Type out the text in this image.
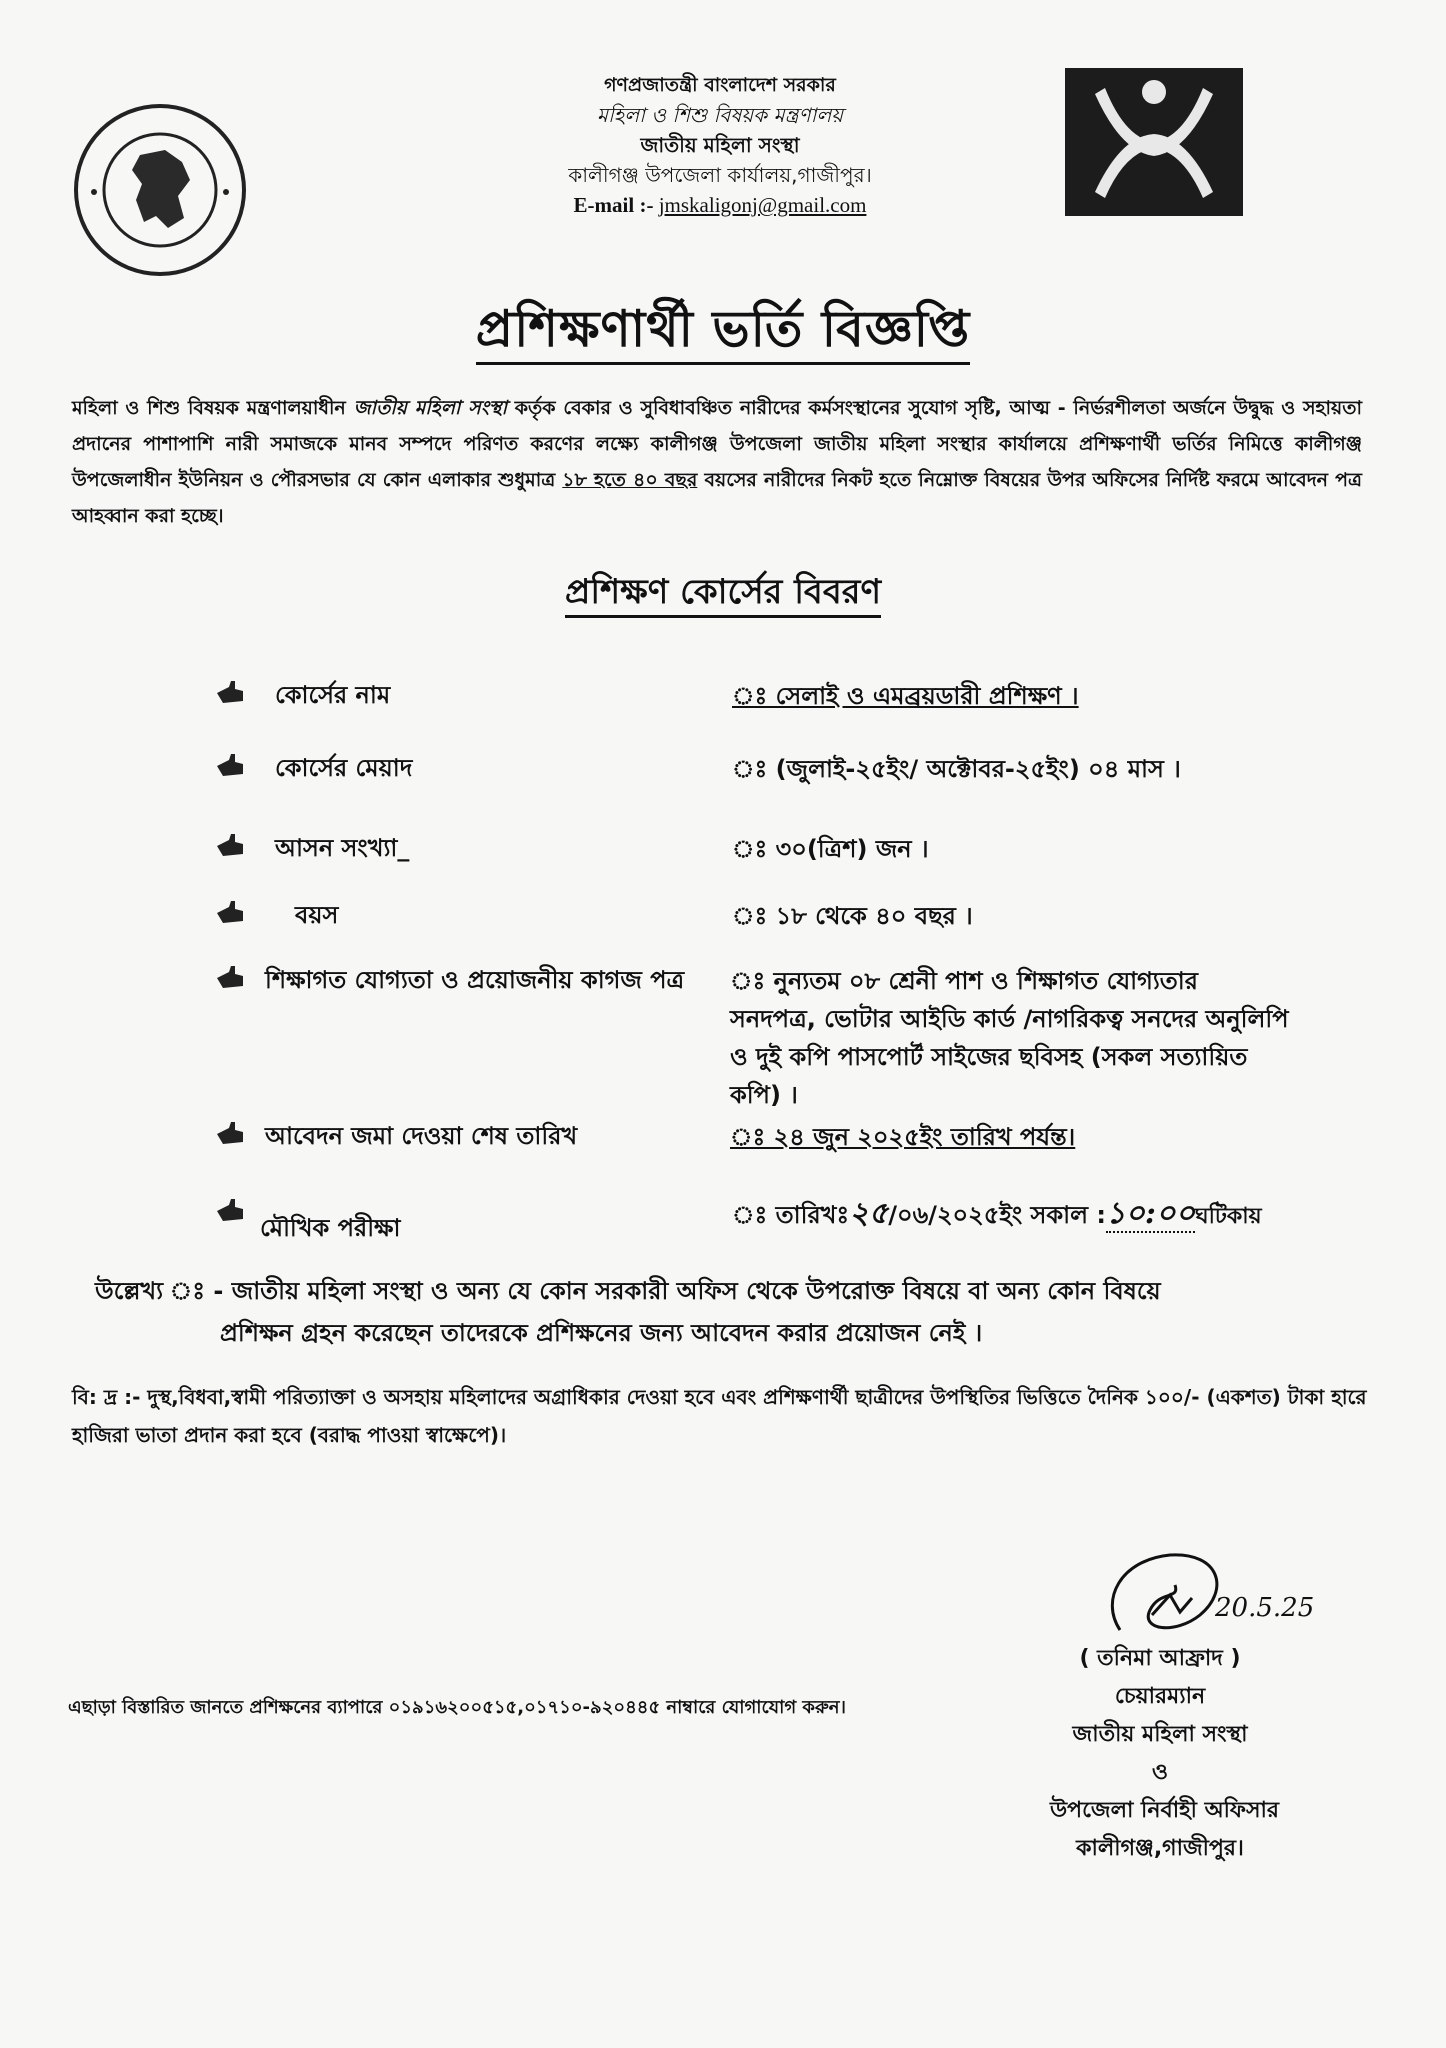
গণপ্রজাতন্ত্রী বাংলাদেশ সরকার
মহিলা ও শিশু বিষয়ক মন্ত্রণালয়
জাতীয় মহিলা সংস্থা
কালীগঞ্জ উপজেলা কার্যালয়,গাজীপুর।
E-mail :- jmskaligonj@gmail.com
প্রশিক্ষণার্থী ভর্তি বিজ্ঞপ্তি
মহিলা ও শিশু বিষয়ক মন্ত্রণালয়াধীন জাতীয় মহিলা সংস্থা কর্তৃক বেকার ও সুবিধাবঞ্চিত নারীদের কর্মসংস্থানের সুযোগ সৃষ্টি, আত্ম - নির্ভরশীলতা অর্জনে উদ্বুদ্ধ ও সহায়তা প্রদানের পাশাপাশি নারী সমাজকে মানব সম্পদে পরিণত করণের লক্ষ্যে কালীগঞ্জ উপজেলা জাতীয় মহিলা সংস্থার কার্যালয়ে প্রশিক্ষণার্থী ভর্তির নিমিত্তে কালীগঞ্জ উপজেলাধীন ইউনিয়ন ও পৌরসভার যে কোন এলাকার শুধুমাত্র ১৮ হতে ৪০ বছর বয়সের নারীদের নিকট হতে নিম্নোক্ত বিষয়ের উপর অফিসের নির্দিষ্ট ফরমে আবেদন পত্র আহব্বান করা হচ্ছে।
প্রশিক্ষণ কোর্সের বিবরণ
কোর্সের নাম	ঃ সেলাই ও এমব্রয়ডারী প্রশিক্ষণ ।
কোর্সের মেয়াদ	ঃ (জুলাই-২৫ইং/ অক্টোবর-২৫ইং) ০৪ মাস ।
আসন সংখ্যা_	ঃ ৩০(ত্রিশ) জন ।
বয়স	ঃ ১৮ থেকে ৪০ বছর ।
শিক্ষাগত যোগ্যতা ও প্রয়োজনীয় কাগজ পত্র ঃ নুন্যতম ০৮ শ্রেনী পাশ ও শিক্ষাগত যোগ্যতার সনদপত্র, ভোটার আইডি কার্ড /নাগরিকত্ব সনদের অনুলিপি ও দুই কপি পাসপোর্ট সাইজের ছবিসহ (সকল সত্যায়িত কপি) ।
আবেদন জমা দেওয়া শেষ তারিখ	ঃ ২৪ জুন ২০২৫ইং তারিখ পর্যন্ত।
মৌখিক পরীক্ষা	ঃ তারিখঃ২৫/০৬/২০২৫ইং সকাল :১০:০০ঘটিকায়
উল্লেখ্য ঃ - জাতীয় মহিলা সংস্থা ও অন্য যে কোন সরকারী অফিস থেকে উপরোক্ত বিষয়ে বা অন্য কোন বিষয়ে
প্রশিক্ষন গ্রহন করেছেন তাদেরকে প্রশিক্ষনের জন্য আবেদন করার প্রয়োজন নেই ।
বি: দ্র :- দুস্থ,বিধবা,স্বামী পরিত্যাক্তা ও অসহায় মহিলাদের অগ্রাধিকার দেওয়া হবে এবং প্রশিক্ষণার্থী ছাত্রীদের উপস্থিতির ভিত্তিতে দৈনিক ১০০/- (একশত) টাকা হারে হাজিরা ভাতা প্রদান করা হবে (বরাদ্ধ পাওয়া স্বাক্ষেপে)।
এছাড়া বিস্তারিত জানতে প্রশিক্ষনের ব্যাপারে ০১৯১৬২০০৫১৫,০১৭১০-৯২০৪৪৫ নাম্বারে যোগাযোগ করুন।
20.5.25
( তনিমা আফ্রাদ )
চেয়ারম্যান
জাতীয় মহিলা সংস্থা
ও
উপজেলা নির্বাহী অফিসার
কালীগঞ্জ,গাজীপুর।
